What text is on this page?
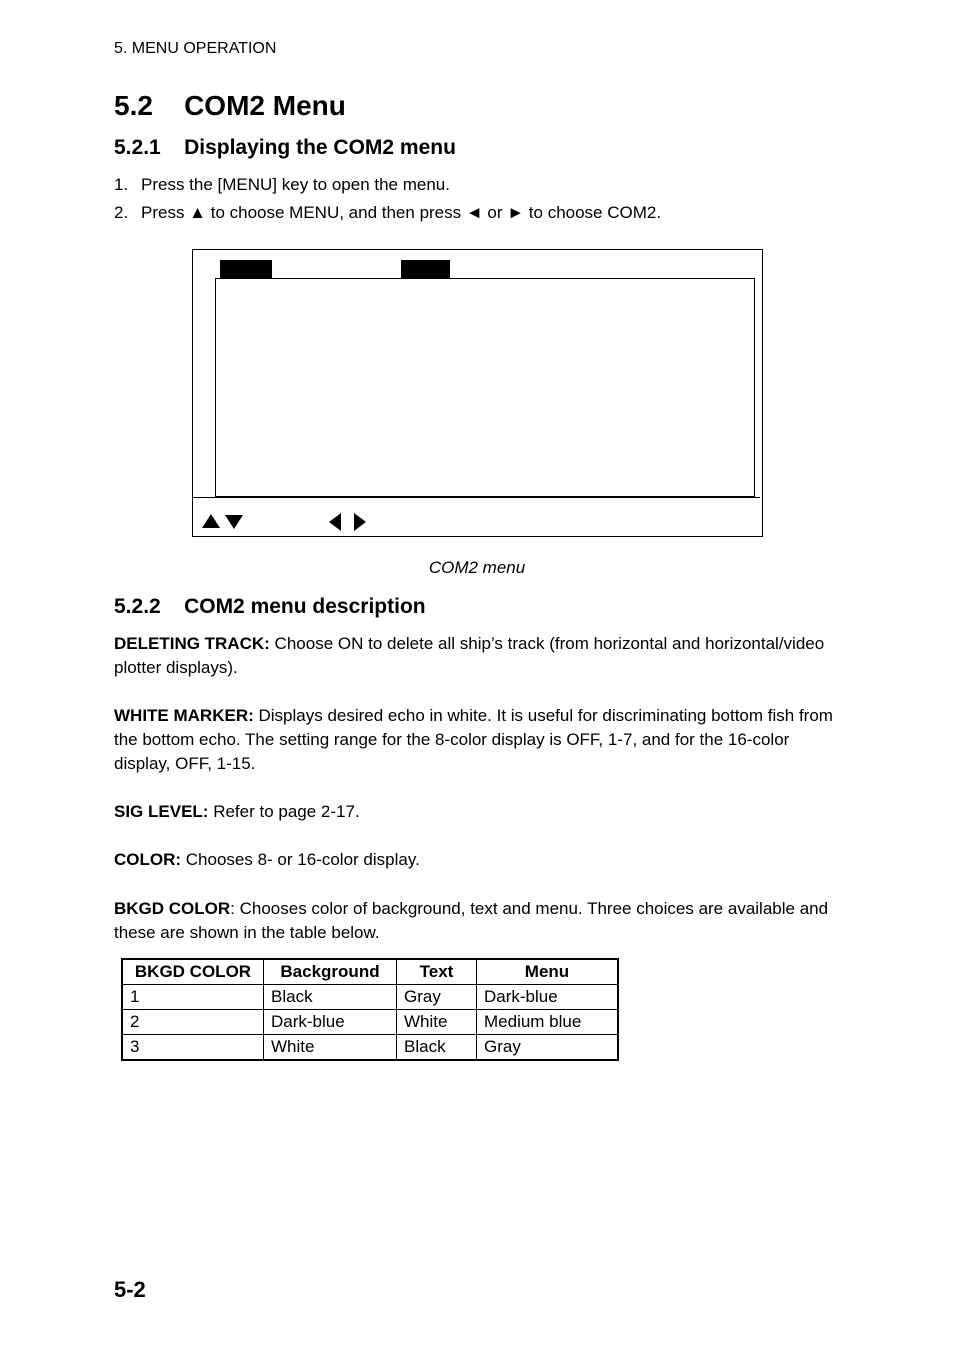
5. MENU OPERATION
5.2 COM2 Menu
5.2.1 Displaying the COM2 menu
1. Press the [MENU] key to open the menu.
2. Press ▲ to choose MENU, and then press ◄ or ► to choose COM2.
COM2 menu
5.2.2 COM2 menu description
DELETING TRACK: Choose ON to delete all ship’s track (from horizontal and horizontal/video plotter displays).
WHITE MARKER: Displays desired echo in white. It is useful for discriminating bottom fish from the bottom echo. The setting range for the 8-color display is OFF, 1-7, and for the 16-color display, OFF, 1-15.
SIG LEVEL: Refer to page 2-17.
COLOR: Chooses 8- or 16-color display.
BKGD COLOR: Chooses color of background, text and menu. Three choices are available and these are shown in the table below.
BKGD COLOR	Background	Text	Menu
1	Black	Gray	Dark-blue
2	Dark-blue	White	Medium blue
3	White	Black	Gray
5-2
